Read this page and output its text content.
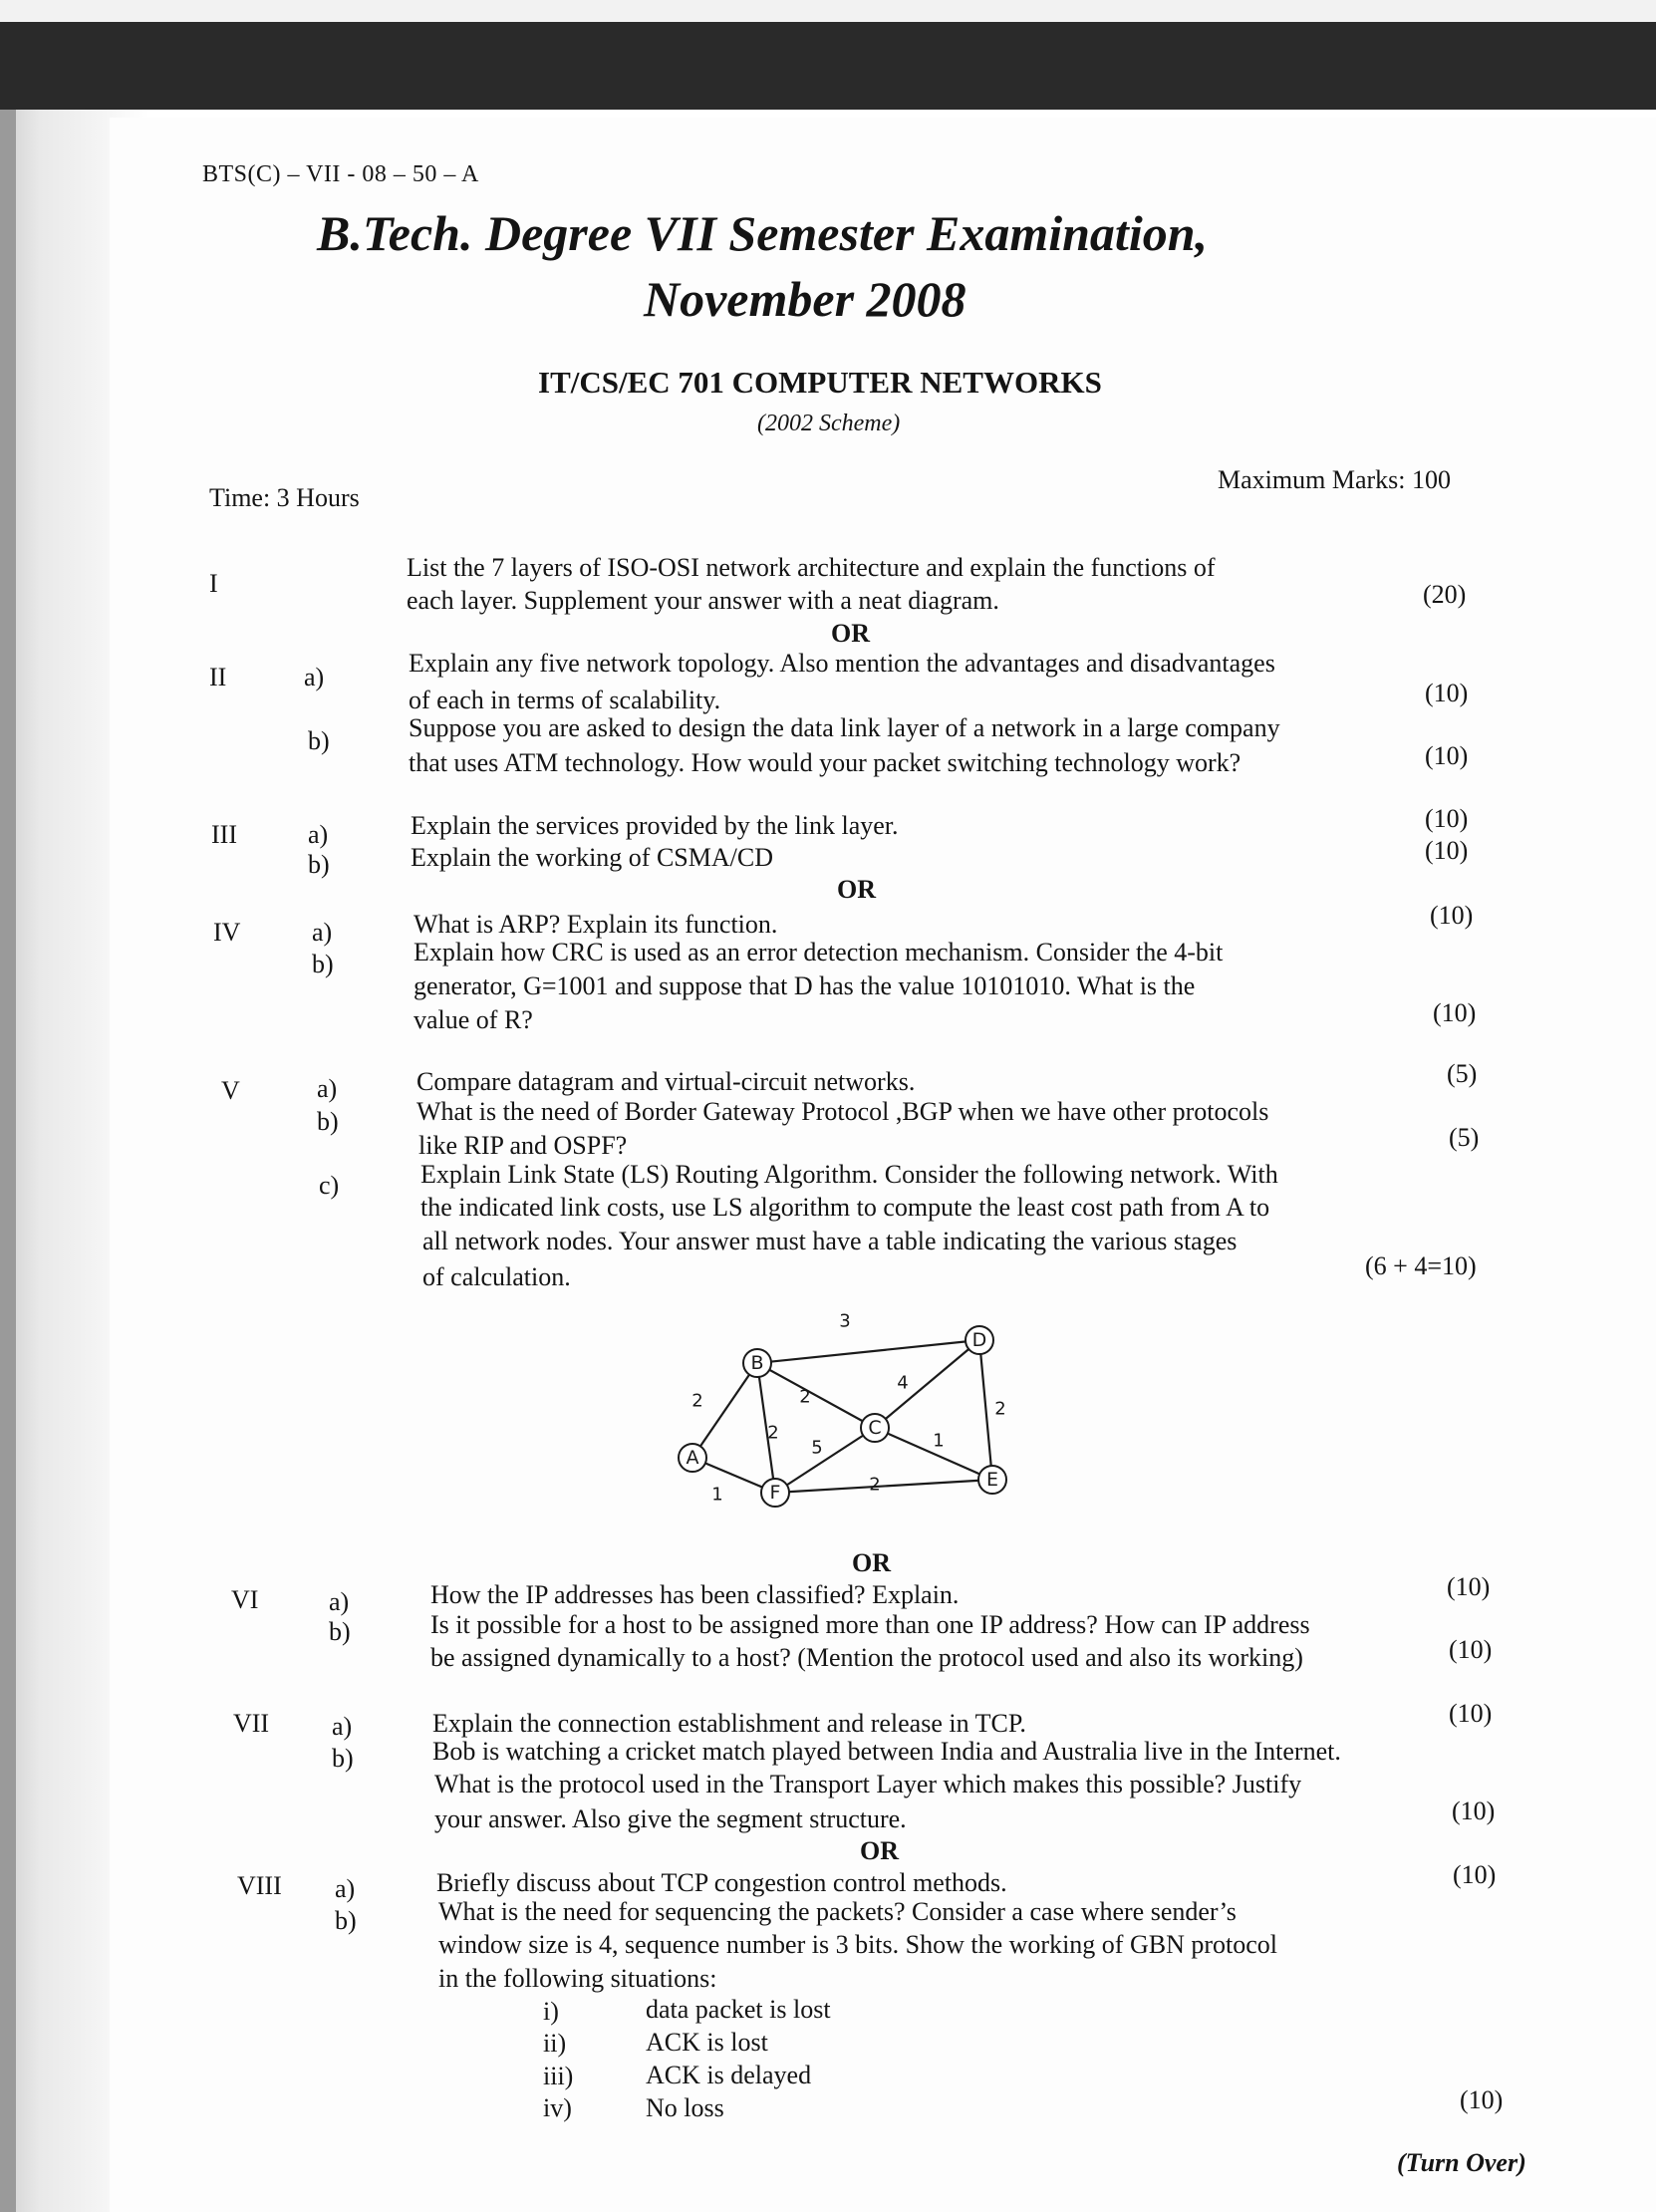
BTS(C) – VII - 08 – 50 – A
B.Tech. Degree VII Semester Examination,
November 2008
IT/CS/EC 701 COMPUTER NETWORKS
(2002 Scheme)
Time: 3 Hours
Maximum Marks: 100
I
List the 7 layers of ISO-OSI network architecture and explain the functions of
each layer. Supplement your answer with a neat diagram.	(20)
OR
II	a)	Explain any five network topology. Also mention the advantages and disadvantages
of each in terms of scalability.	(10)
b)	Suppose you are asked to design the data link layer of a network in a large company
that uses ATM technology. How would your packet switching technology work?	(10)
III	a)	Explain the services provided by the link layer.	(10)
b)	Explain the working of CSMA/CD	(10)
OR
IV	a)	What is ARP? Explain its function.	(10)
b)	Explain how CRC is used as an error detection mechanism. Consider the 4-bit
generator, G=1001 and suppose that D has the value 10101010. What is the
value of R?	(10)
V	a)	Compare datagram and virtual-circuit networks.	(5)
b)	What is the need of Border Gateway Protocol ,BGP when we have other protocols
like RIP and OSPF?	(5)
c)	Explain Link State (LS) Routing Algorithm. Consider the following network. With
the indicated link costs, use LS algorithm to compute the least cost path from A to
all network nodes. Your answer must have a table indicating the various stages
of calculation.	(6 + 4=10)
2
1
2
2
3
5
2
4
1
2
A
B
C
D
E
F
OR
VI	a)	How the IP addresses has been classified? Explain.	(10)
b)	Is it possible for a host to be assigned more than one IP address? How can IP address
be assigned dynamically to a host? (Mention the protocol used and also its working)	(10)
VII a)	Explain the connection establishment and release in TCP.	(10)
b)	Bob is watching a cricket match played between India and Australia live in the Internet.
What is the protocol used in the Transport Layer which makes this possible? Justify
your answer. Also give the segment structure.	(10)
OR
VIII a)	Briefly discuss about TCP congestion control methods.	(10)
b)	What is the need for sequencing the packets? Consider a case where sender’s
window size is 4, sequence number is 3 bits. Show the working of GBN protocol
in the following situations:
i)	data packet is lost
ii)	ACK is lost
iii)	ACK is delayed
iv)	No loss	(10)
(Turn Over)
